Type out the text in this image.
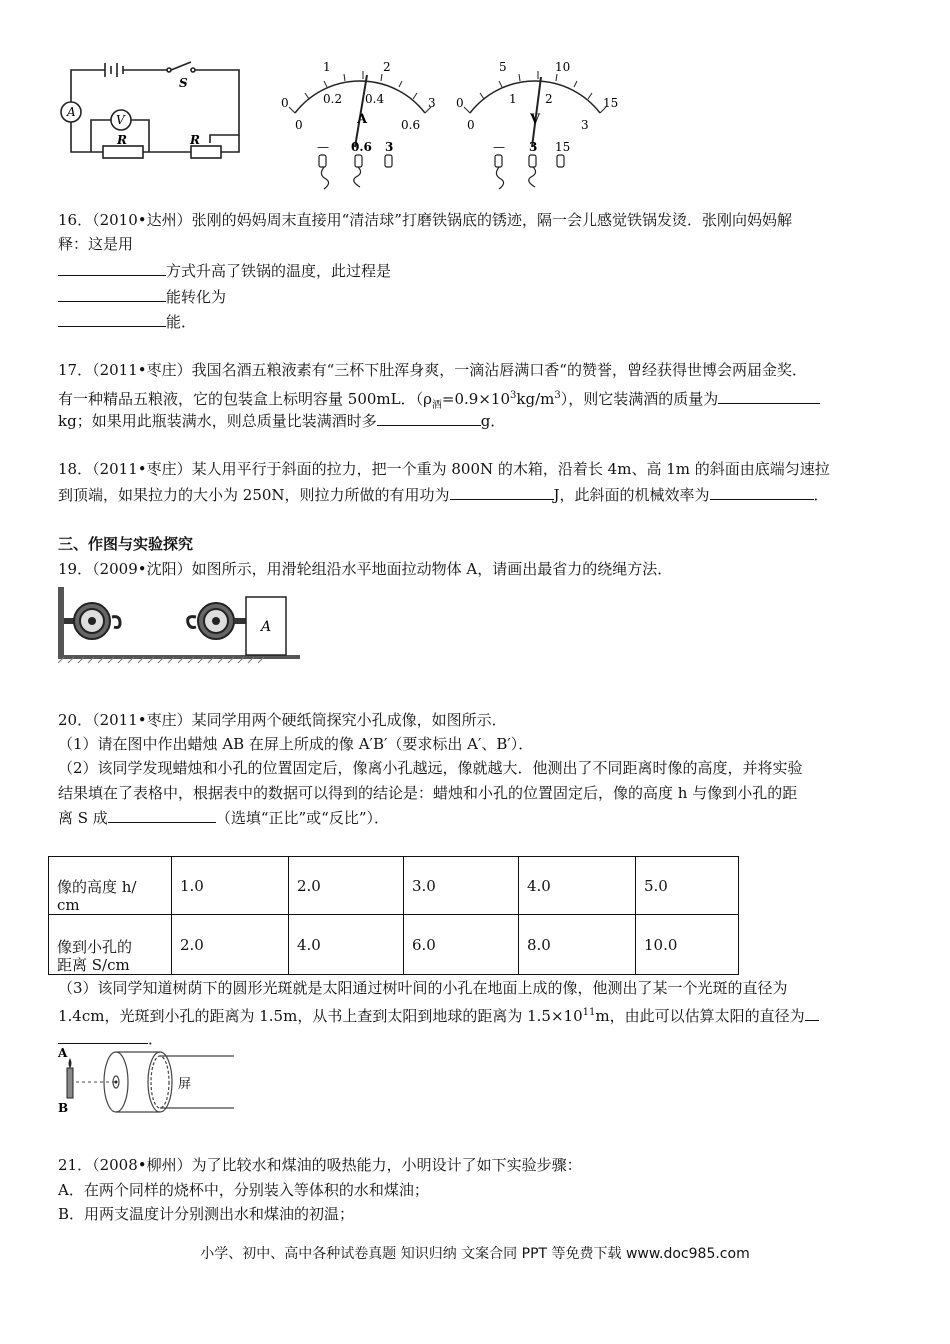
A
V
S
R	R
0
1	2
3
0
0.2 0.4
0.6
A
— 0.6 3
0
5	10
15
0
1 2
3
V
— 3 15
16．（2010•达州）张刚的妈妈周末直接用“清洁球”打磨铁锅底的锈迹，隔一会儿感觉铁锅发烫．张刚向妈妈解
释：这是用
方式升高了铁锅的温度，此过程是
能转化为
能．
17．（2011•枣庄）我国名酒五粮液素有“三杯下肚浑身爽，一滴沾唇满口香“的赞誉，曾经获得世博会两届金奖．
有一种精品五粮液，它的包装盒上标明容量 500mL．$(\rho_酒=0.9\times 10^3kg/m^3)$，则它装满酒的质量为
kg；如果用此瓶装满水，则总质量比装满酒时多	g．
18．（2011•枣庄）某人用平行于斜面的拉力，把一个重为 800N 的木箱，沿着长 4m、高 1m 的斜面由底端匀速拉
到顶端，如果拉力的大小为 250N，则拉力所做的有用功为	J，此斜面的机械效率为	．
三、作图与实验探究
19．（2009•沈阳）如图所示，用滑轮组沿水平地面拉动物体 A，请画出最省力的绕绳方法．
A
20．（2011•枣庄）某同学用两个硬纸筒探究小孔成像，如图所示．
（1）请在图中作出蜡烛 AB 在屏上所成的像 A′B′（要求标出 A′、B′）．
（2）该同学发现蜡烛和小孔的位置固定后，像离小孔越远，像就越大．他测出了不同距离时像的高度，并将实验
结果填在了表格中，根据表中的数据可以得到的结论是：蜡烛和小孔的位置固定后，像的高度 h 与像到小孔的距
离 S 成	（选填“正比”或“反比”）．
像的高度 h/
cm	1.0	2.0	3.0	4.0	5.0
像到小孔的
距离 S/cm	2.0	4.0	6.0	8.0	10.0
（3）该同学知道树荫下的圆形光斑就是太阳通过树叶间的小孔在地面上成的像，他测出了某一个光斑的直径为
1.4cm，光斑到小孔的距离为 1.5m，从书上查到太阳到地球的距离为 $1.5\times 10^{11}m$，由此可以估算太阳的直径为
．
A
B
屏
21．（2008•柳州）为了比较水和煤油的吸热能力，小明设计了如下实验步骤：
A．在两个同样的烧杯中，分别装入等体积的水和煤油；
B．用两支温度计分别测出水和煤油的初温；
小学、初中、高中各种试卷真题 知识归纳 文案合同 PPT 等免费下载 www.doc985.com
